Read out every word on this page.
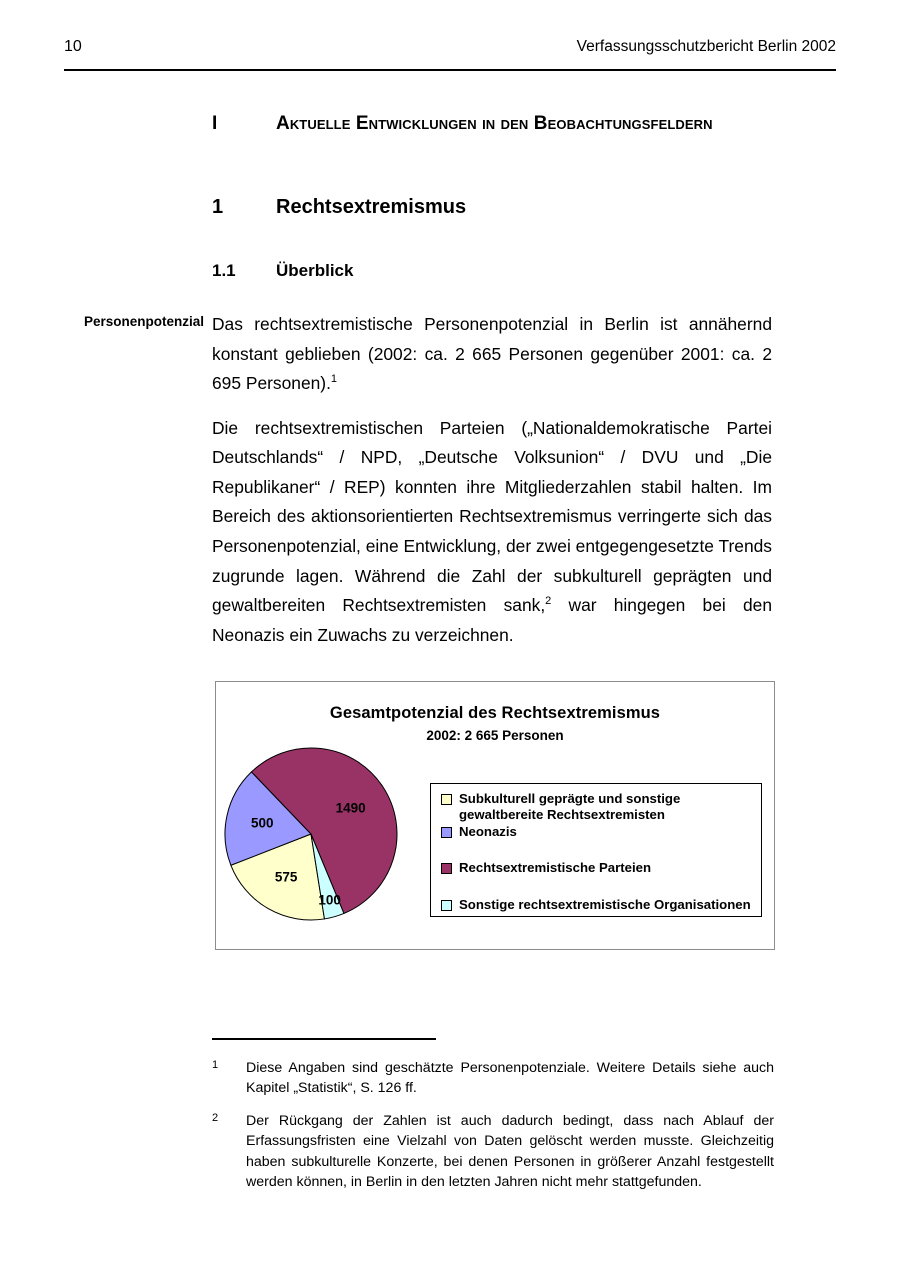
10	Verfassungsschutzbericht Berlin 2002
I	Aktuelle Entwicklungen in den Beobachtungsfeldern
1	Rechtsextremismus
1.1	Überblick
Personenpotenzial Das rechtsextremistische Personenpotenzial in Berlin ist annähernd konstant geblieben (2002: ca. 2 665 Personen gegenüber 2001: ca. 2 695 Personen).$^1$

Die rechtsextremistischen Parteien („Nationaldemokratische Partei Deutschlands“ / NPD, „Deutsche Volksunion“ / DVU und „Die Republikaner“ / REP) konnten ihre Mitgliederzahlen stabil halten. Im Bereich des aktionsorientierten Rechtsextremismus verringerte sich das Personenpotenzial, eine Entwicklung, der zwei entgegengesetzte Trends zugrunde lagen. Während die Zahl der subkulturell geprägten und gewaltbereiten Rechtsextremisten sank,$^2$ war hingegen bei den Neonazis ein Zuwachs zu verzeichnen.

Gesamtpotenzial des Rechtsextremismus
2002: 2 665 Personen
575
500
1490
100
Subkulturell geprägte und sonstige
gewaltbereite Rechtsextremisten
Neonazis
Rechtsextremistische Parteien
Sonstige rechtsextremistische Organisationen
1	Diese Angaben sind geschätzte Personenpotenziale. Weitere Details siehe auch Kapitel „Statistik“, S. 126 ff.
2	Der Rückgang der Zahlen ist auch dadurch bedingt, dass nach Ablauf der Erfassungsfristen eine Vielzahl von Daten gelöscht werden musste. Gleichzeitig haben subkulturelle Konzerte, bei denen Personen in größerer Anzahl festgestellt werden können, in Berlin in den letzten Jahren nicht mehr stattgefunden.
